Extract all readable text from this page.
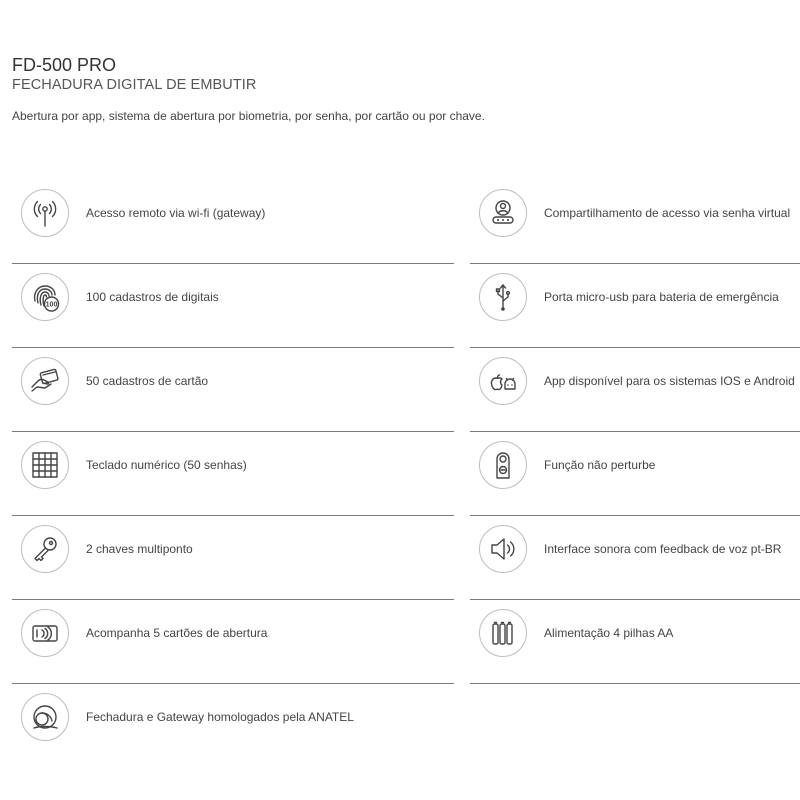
FD-500 PRO
FECHADURA DIGITAL DE EMBUTIR
Abertura por app, sistema de abertura por biometria, por senha, por cartão ou por chave.
Acesso remoto via wi-fi (gateway)
100
100 cadastros de digitais
50 cadastros de cartão
Teclado numérico (50 senhas)
2 chaves multiponto
Acompanha 5 cartões de abertura
Fechadura e Gateway homologados pela ANATEL
Compartilhamento de acesso via senha virtual
Porta micro-usb para bateria de emergência
App disponível para os sistemas IOS e Android
Função não perturbe
Interface sonora com feedback de voz pt-BR
Alimentação 4 pilhas AA
